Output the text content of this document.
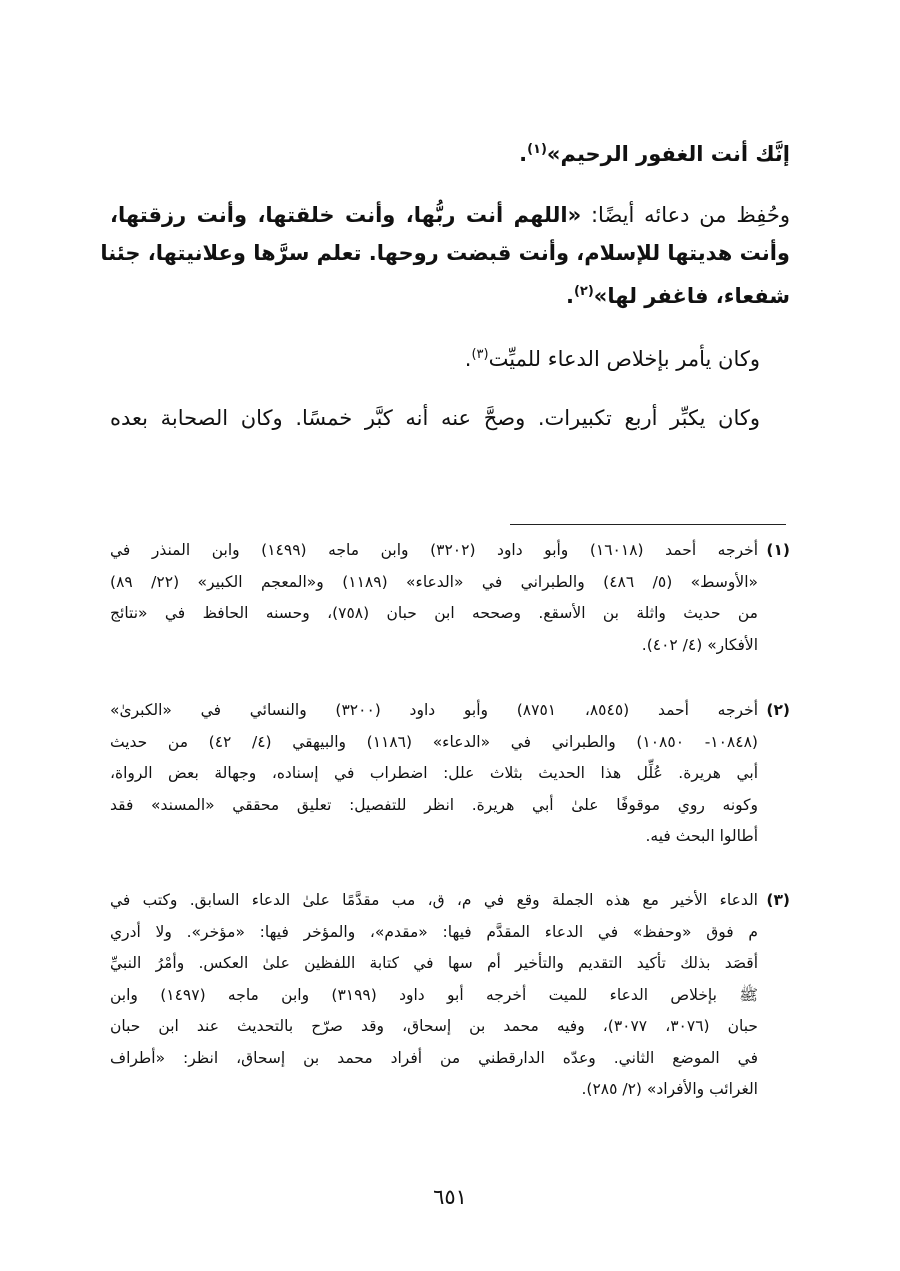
إنَّك أنت الغفور الرحيم»$^{(١)}$.
وحُفِظ من دعائه أيضًا: «اللهم أنت ربُّها، وأنت خلقتها، وأنت رزقتها،
وأنت هديتها للإسلام، وأنت قبضت روحها. تعلم سرَّها وعلانيتها، جئنا
شفعاء، فاغفر لها»$^{(٢)}$.
وكان يأمر بإخلاص الدعاء للميِّت$^{(٣)}$.
وكان يكبِّر أربع تكبيرات. وصحَّ عنه أنه كبَّر خمسًا. وكان الصحابة بعده
(١)
أخرجه أحمد (١٦٠١٨) وأبو داود (٣٢٠٢) وابن ماجه (١٤٩٩) وابن المنذر في
«الأوسط» (٥/ ٤٨٦) والطبراني في «الدعاء» (١١٨٩) و«المعجم الكبير» (٢٢/ ٨٩)
من حديث واثلة بن الأسقع. وصححه ابن حبان (٧٥٨)، وحسنه الحافظ في «نتائج
الأفكار» (٤/ ٤٠٢).
(٢)
أخرجه أحمد (٨٥٤٥، ٨٧٥١) وأبو داود (٣٢٠٠) والنسائي في «الكبرىٰ»
(١٠٨٤٨- ١٠٨٥٠) والطبراني في «الدعاء» (١١٨٦) والبيهقي (٤/ ٤٢) من حديث
أبي هريرة. عُلِّل هذا الحديث بثلاث علل: اضطراب في إسناده، وجهالة بعض الرواة،
وكونه روي موقوفًا علىٰ أبي هريرة. انظر للتفصيل: تعليق محققي «المسند» فقد
أطالوا البحث فيه.
(٣)
الدعاء الأخير مع هذه الجملة وقع في م، ق، مب مقدَّمًا علىٰ الدعاء السابق. وكتب في
م فوق «وحفظ» في الدعاء المقدَّم فيها: «مقدم»، والمؤخر فيها: «مؤخر». ولا أدري
أقصَد بذلك تأكيد التقديم والتأخير أم سها في كتابة اللفظين علىٰ العكس. وأمْرُ النبيِّ
ﷺ بإخلاص الدعاء للميت أخرجه أبو داود (٣١٩٩) وابن ماجه (١٤٩٧) وابن
حبان (٣٠٧٦، ٣٠٧٧)، وفيه محمد بن إسحاق، وقد صرّح بالتحديث عند ابن حبان
في الموضع الثاني. وعدّه الدارقطني من أفراد محمد بن إسحاق، انظر: «أطراف
الغرائب والأفراد» (٢/ ٢٨٥).
٦٥١
